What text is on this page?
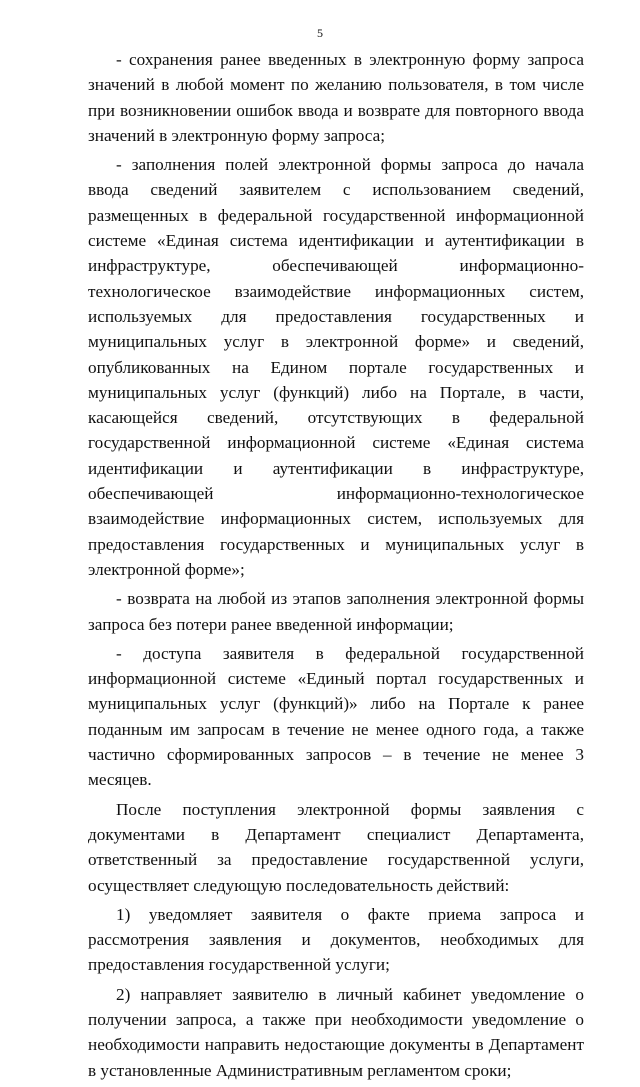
5

- сохранения ранее введенных в электронную форму запроса значений в любой момент по желанию пользователя, в том числе при возникновении ошибок ввода и возврате для повторного ввода значений в электронную форму запроса;

- заполнения полей электронной формы запроса до начала ввода сведений заявителем с использованием сведений, размещенных в федеральной государственной информационной системе «Единая система идентификации и аутентификации в инфраструктуре, обеспечивающей информационно-технологическое взаимодействие информационных систем, используемых для предоставления государственных и муниципальных услуг в электронной форме» и сведений, опубликованных на Едином портале государственных и муниципальных услуг (функций) либо на Портале, в части, касающейся сведений, отсутствующих в федеральной государственной информационной системе «Единая система идентификации и аутентификации в инфраструктуре, обеспечивающей информационно-технологическое взаимодействие информационных систем, используемых для предоставления государственных и муниципальных услуг в электронной форме»;

- возврата на любой из этапов заполнения электронной формы запроса без потери ранее введенной информации;

- доступа заявителя в федеральной государственной информационной системе «Единый портал государственных и муниципальных услуг (функций)» либо на Портале к ранее поданным им запросам в течение не менее одного года, а также частично сформированных запросов – в течение не менее 3 месяцев.

После поступления электронной формы заявления с документами в Департамент специалист Департамента, ответственный за предоставление государственной услуги, осуществляет следующую последовательность действий:

1) уведомляет заявителя о факте приема запроса и рассмотрения заявления и документов, необходимых для предоставления государственной услуги;

2) направляет заявителю в личный кабинет уведомление о получении запроса, а также при необходимости уведомление о необходимости направить недостающие документы в Департамент в установленные Административным регламентом сроки;
